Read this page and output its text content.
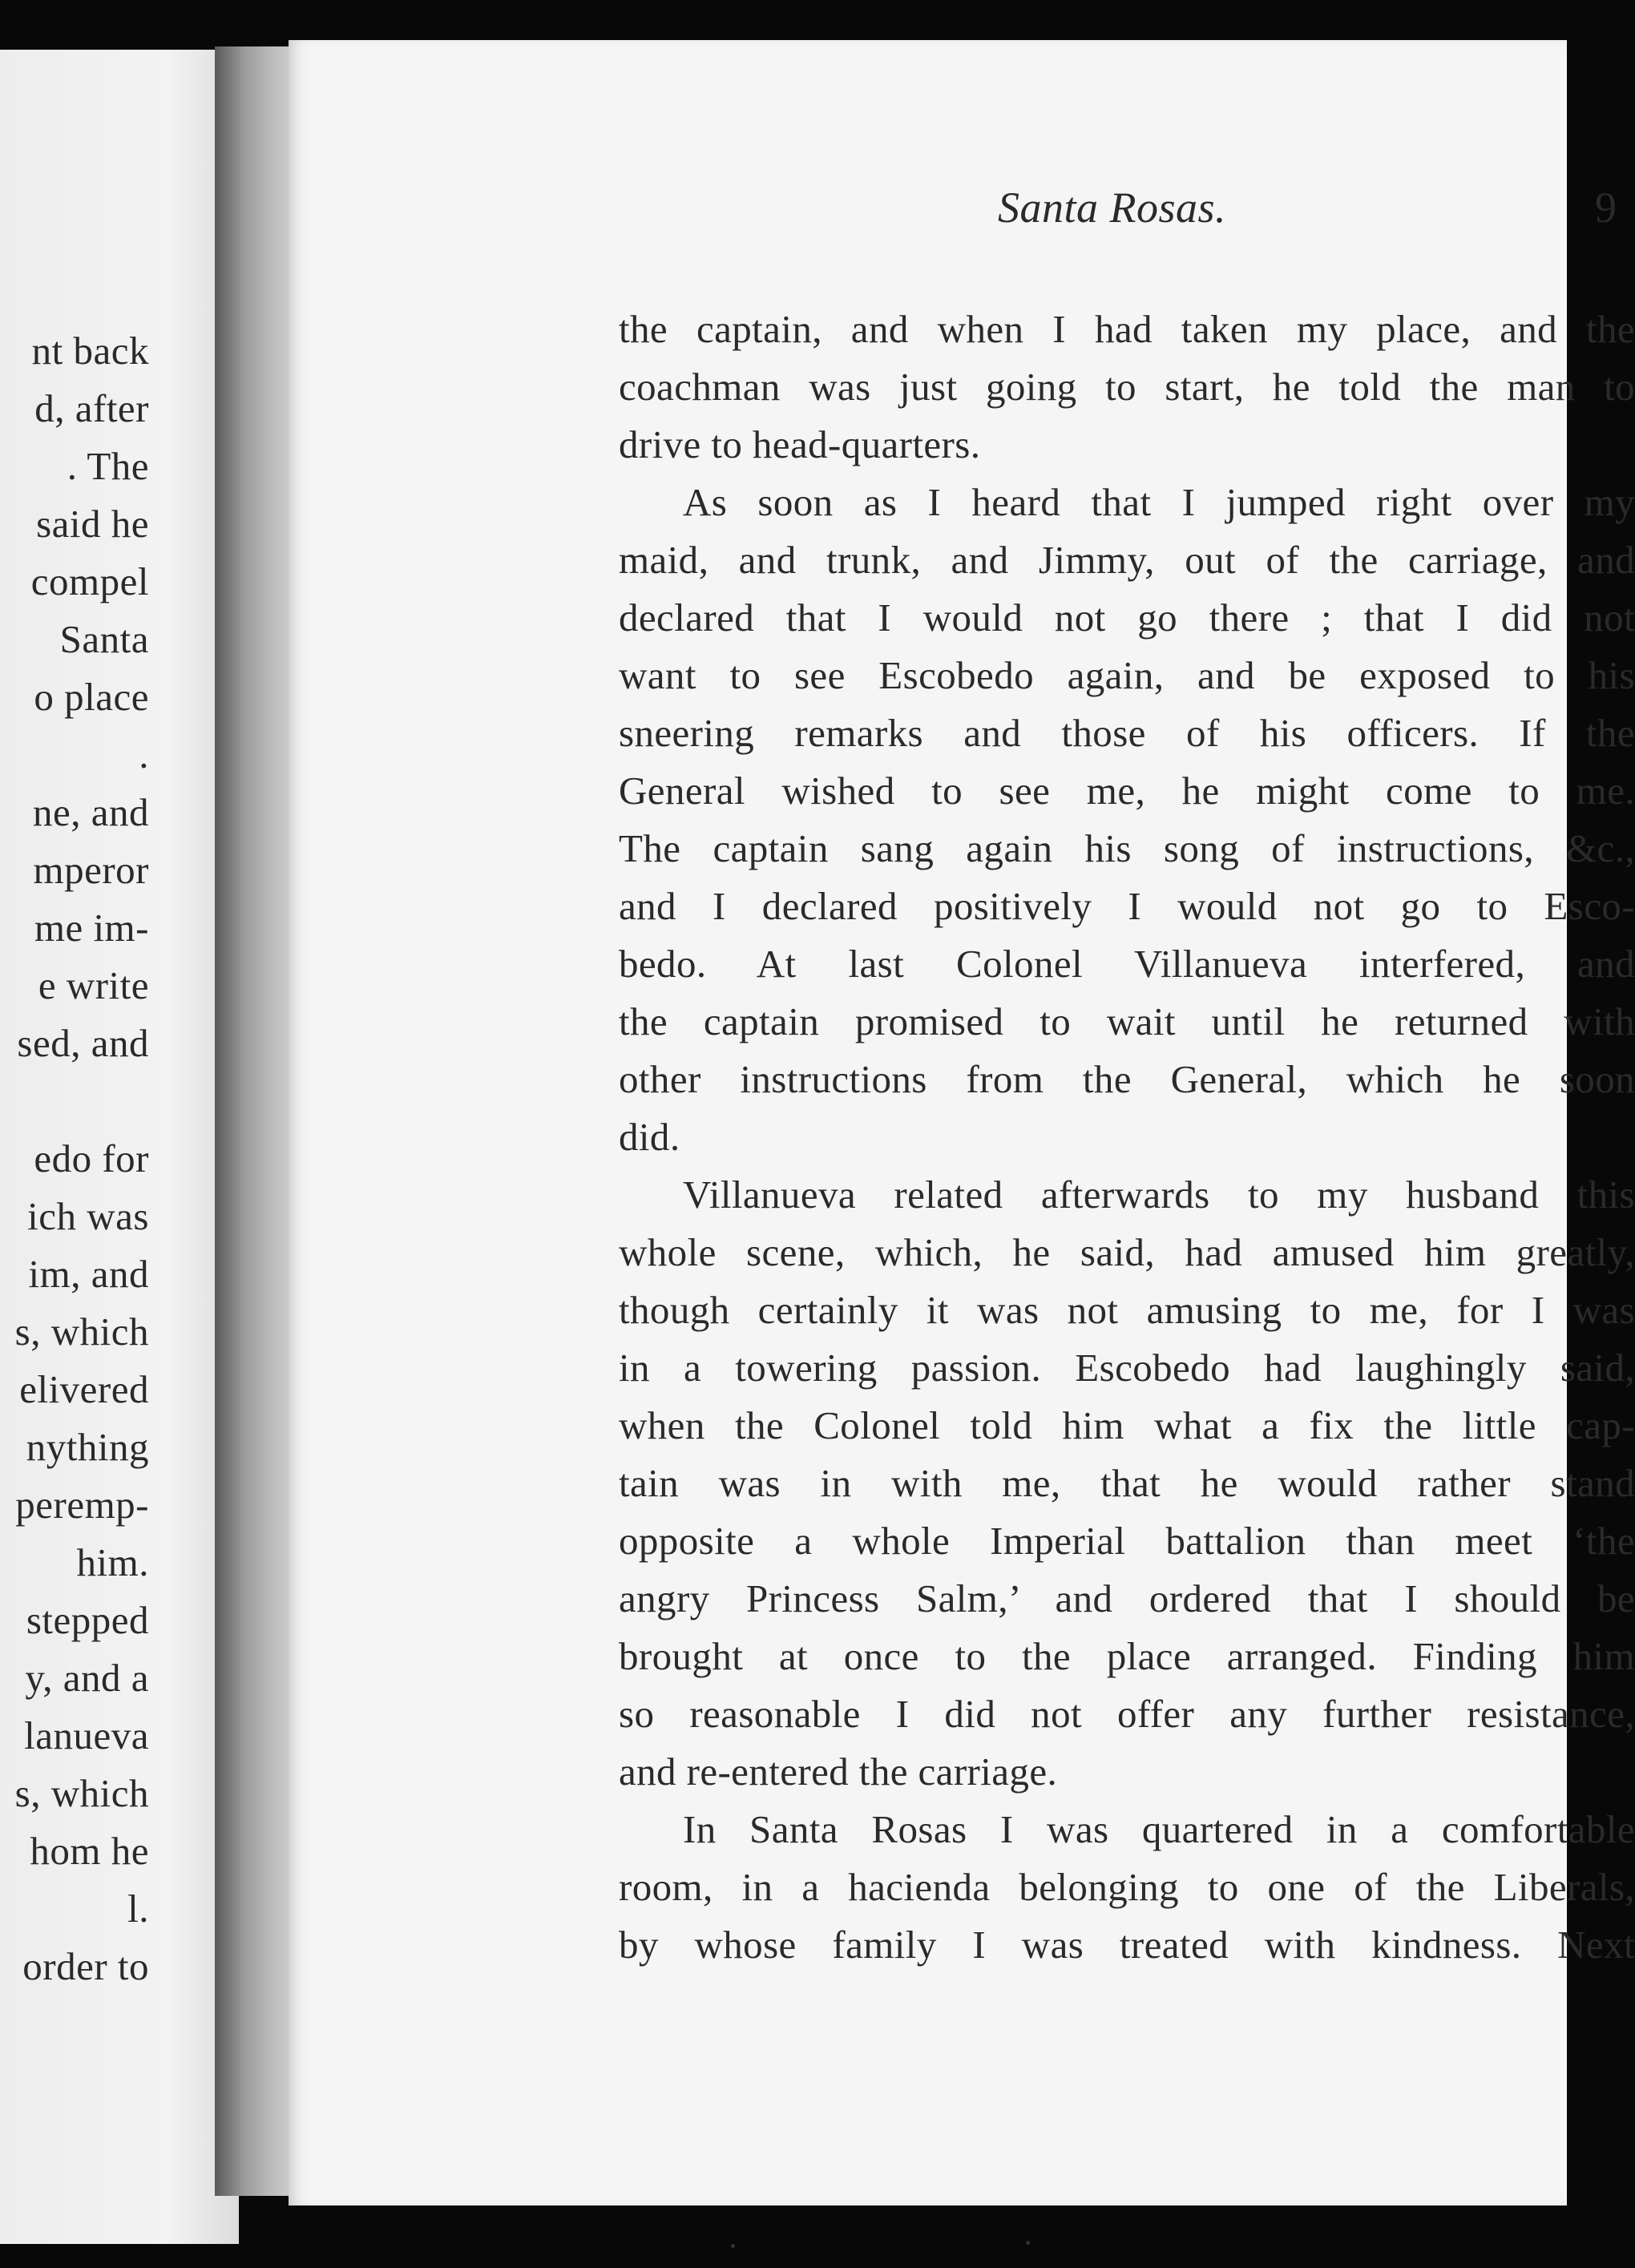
nt back
d, after
. The
said he
compel
Santa
o place
.
ne, and
mperor
me im-
e write
sed, and
edo for
ich was
im, and
s, which
elivered
nything
peremp-
him.
stepped
y, and a
lanueva
s, which
hom he
l.
order to
Santa Rosas.	9
the captain, and when I had taken my place, and the
coachman was just going to start, he told the man to
drive to head-quarters.
As soon as I heard that I jumped right over my
maid, and trunk, and Jimmy, out of the carriage, and
declared that I would not go there ; that I did not
want to see Escobedo again, and be exposed to his
sneering remarks and those of his officers. If the
General wished to see me, he might come to me.
The captain sang again his song of instructions, &c.,
and I declared positively I would not go to Esco-
bedo. At last Colonel Villanueva interfered, and
the captain promised to wait until he returned with
other instructions from the General, which he soon
did.
Villanueva related afterwards to my husband this
whole scene, which, he said, had amused him greatly,
though certainly it was not amusing to me, for I was
in a towering passion. Escobedo had laughingly said,
when the Colonel told him what a fix the little cap-
tain was in with me, that he would rather stand
opposite a whole Imperial battalion than meet ‘the
angry Princess Salm,’ and ordered that I should be
brought at once to the place arranged. Finding him
so reasonable I did not offer any further resistance,
and re-entered the carriage.
In Santa Rosas I was quartered in a comfortable
room, in a hacienda belonging to one of the Liberals,
by whose family I was treated with kindness. Next
